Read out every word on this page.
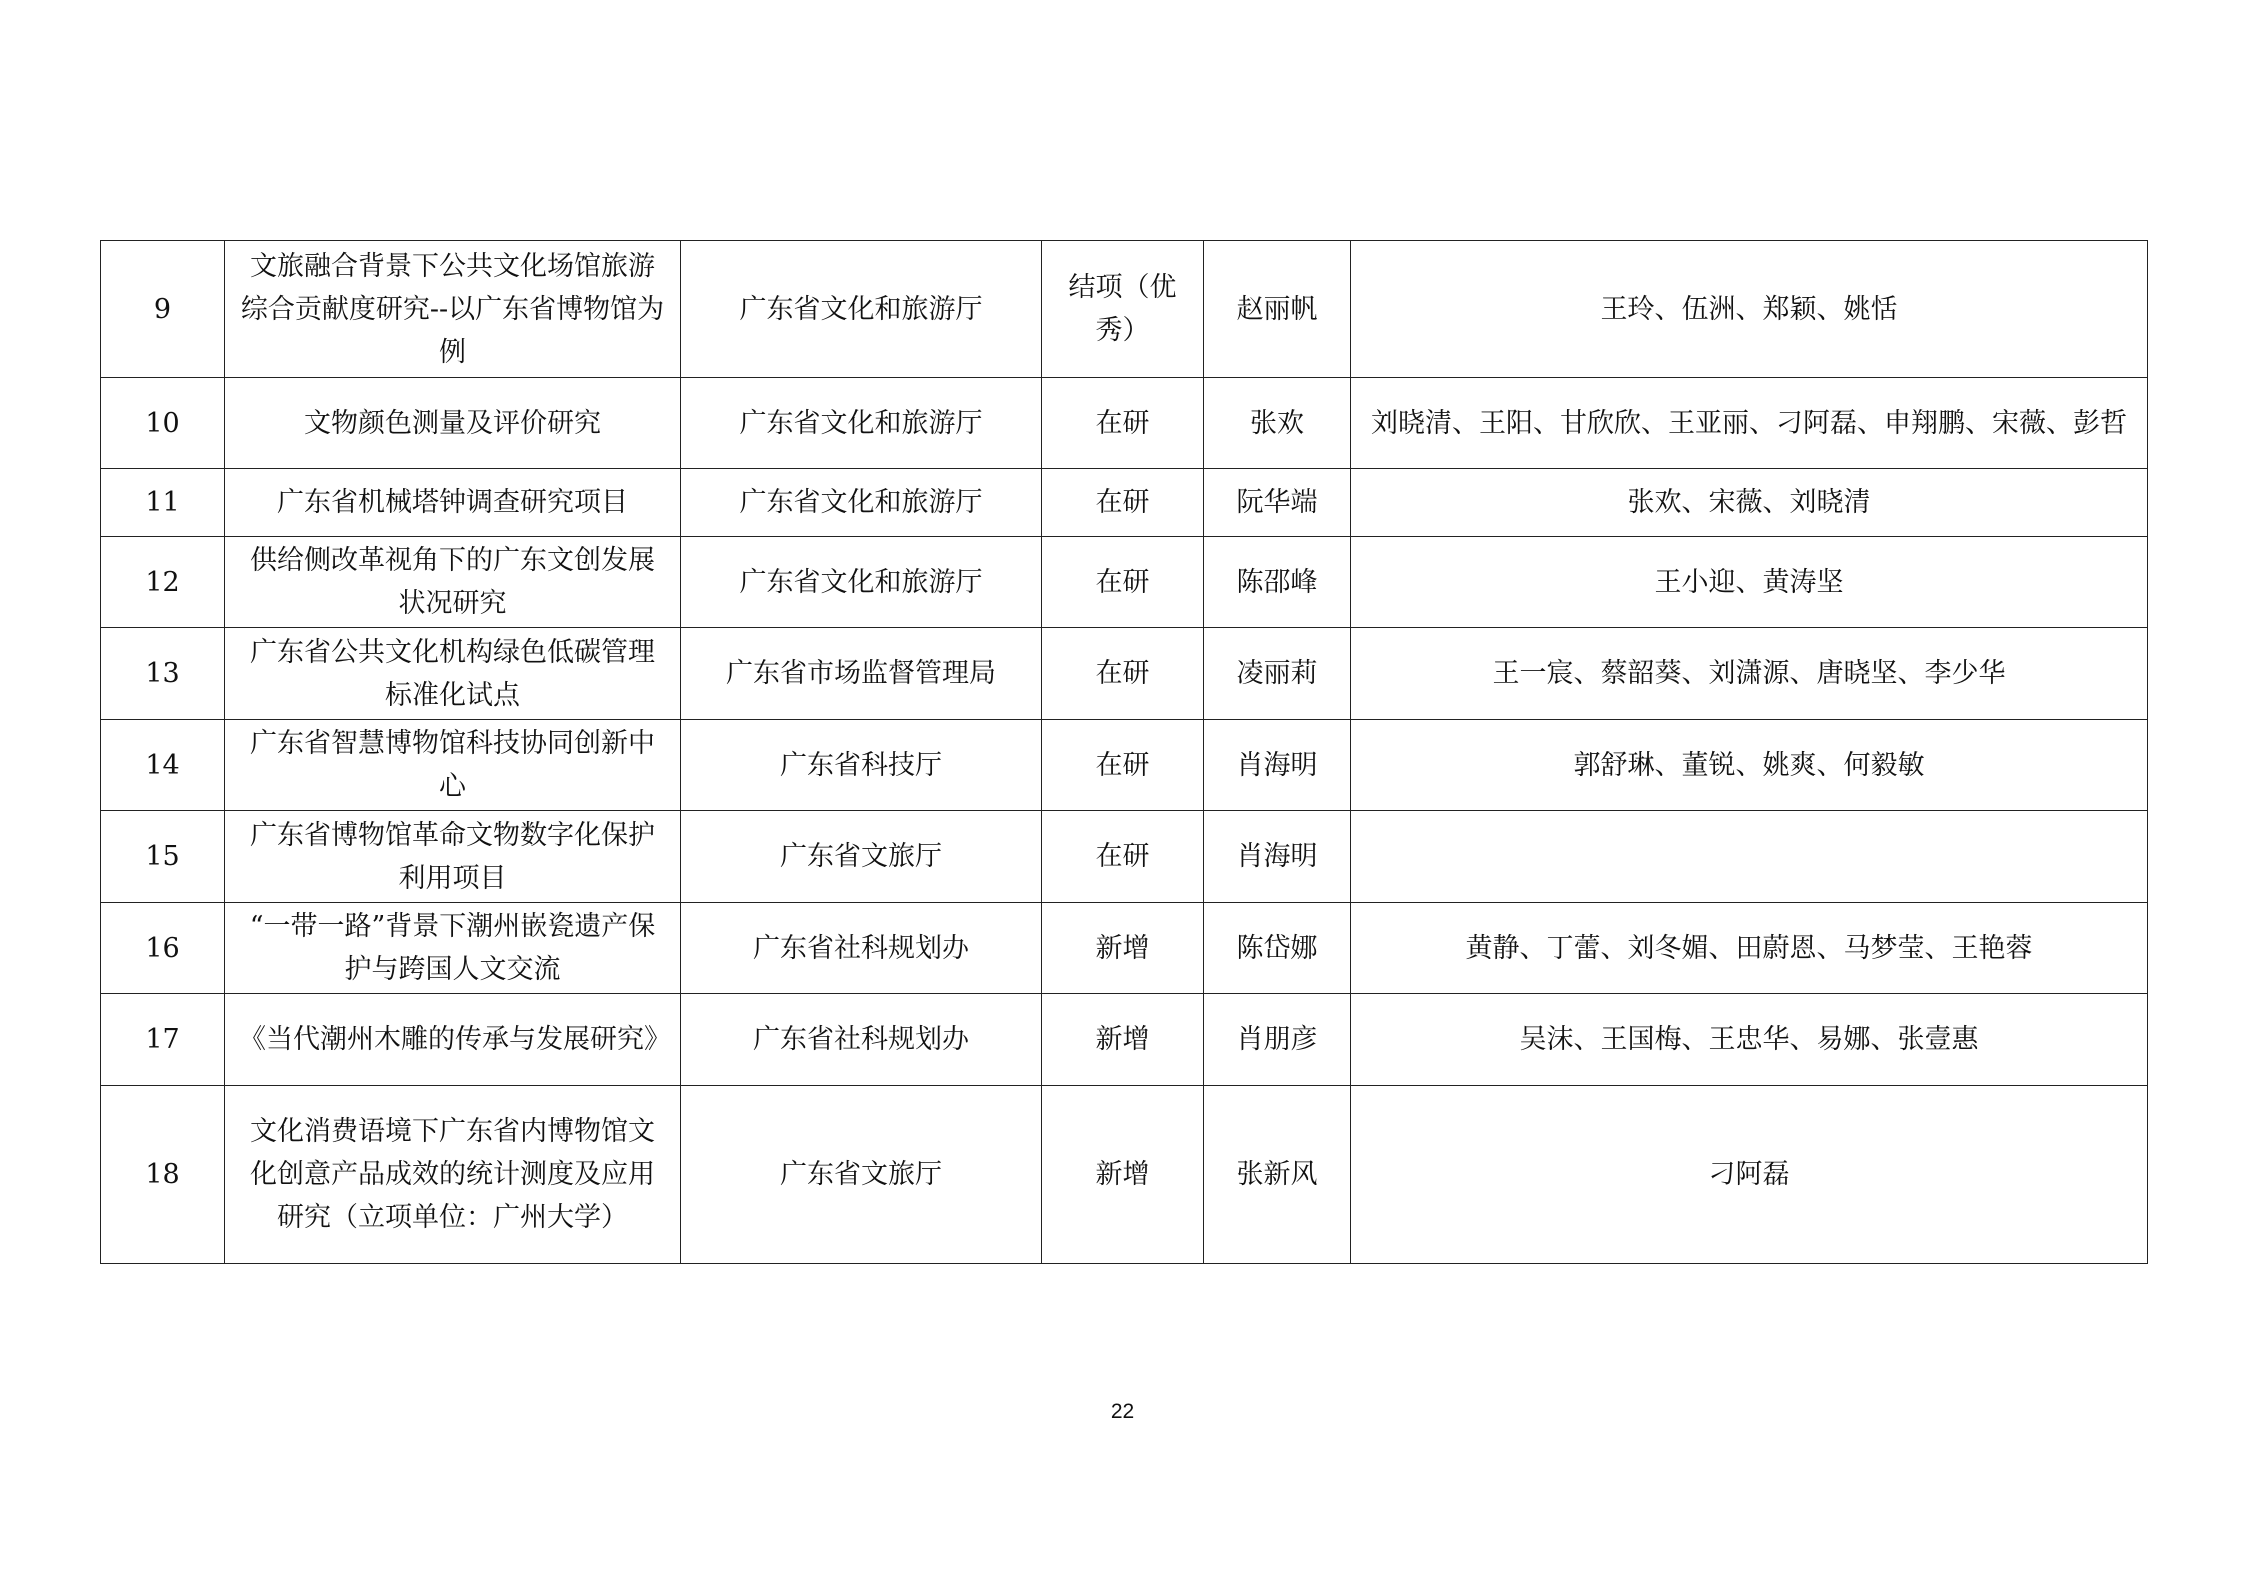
9	文旅融合背景下公共文化场馆旅游综合贡献度研究--以广东省博物馆为例	广东省文化和旅游厅	结项（优秀）	赵丽帆	王玲、伍洲、郑颖、姚恬
10	文物颜色测量及评价研究	广东省文化和旅游厅	在研	张欢	刘晓清、王阳、甘欣欣、王亚丽、刁阿磊、申翔鹏、宋薇、彭哲
11	广东省机械塔钟调查研究项目	广东省文化和旅游厅	在研	阮华端	张欢、宋薇、刘晓清
12	供给侧改革视角下的广东文创发展状况研究	广东省文化和旅游厅	在研	陈邵峰	王小迎、黄涛坚
13	广东省公共文化机构绿色低碳管理标准化试点	广东省市场监督管理局	在研	凌丽莉	王一宸、蔡韶葵、刘潇源、唐晓坚、李少华
14	广东省智慧博物馆科技协同创新中心	广东省科技厅	在研	肖海明	郭舒琳、董锐、姚爽、何毅敏
15	广东省博物馆革命文物数字化保护利用项目	广东省文旅厅	在研	肖海明	
16	“一带一路”背景下潮州嵌瓷遗产保护与跨国人文交流	广东省社科规划办	新增	陈岱娜	黄静、丁蕾、刘冬媚、田蔚恩、马梦莹、王艳蓉
17	《当代潮州木雕的传承与发展研究》	广东省社科规划办	新增	肖朋彦	吴沫、王国梅、王忠华、易娜、张壹惠
18	文化消费语境下广东省内博物馆文化创意产品成效的统计测度及应用研究（立项单位：广州大学）	广东省文旅厅	新增	张新风	刁阿磊
22
